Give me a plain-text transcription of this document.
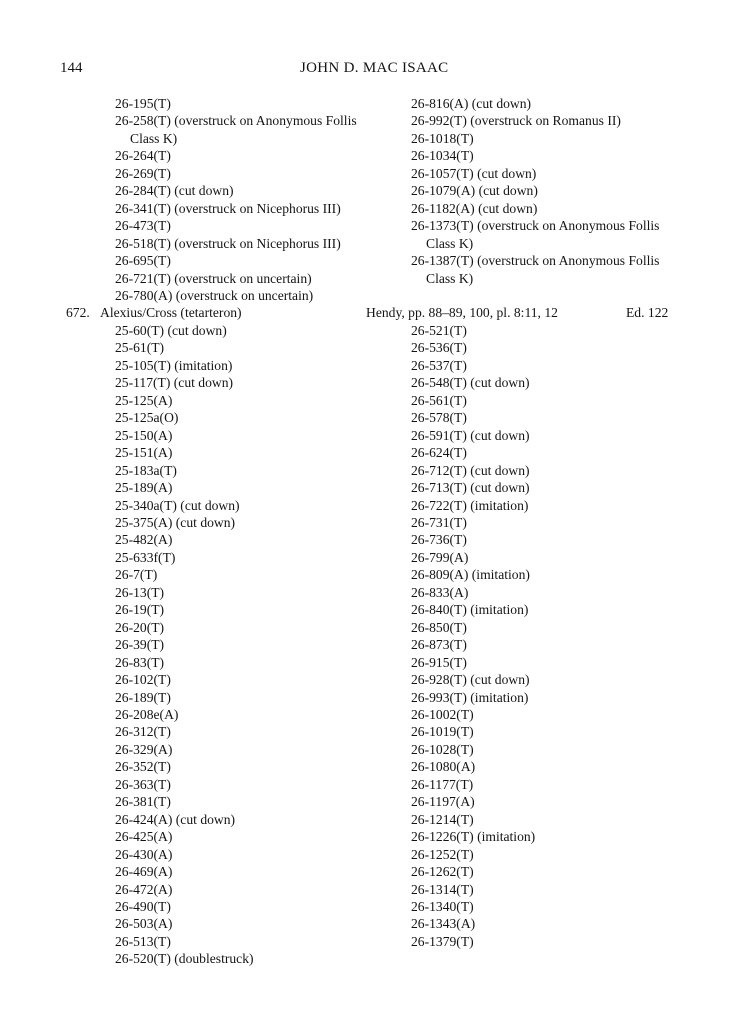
144	JOHN D. MAC ISAAC
26-195(T)
26-258(T) (overstruck on Anonymous Follis
Class K)
26-264(T)
26-269(T)
26-284(T) (cut down)
26-341(T) (overstruck on Nicephorus III)
26-473(T)
26-518(T) (overstruck on Nicephorus III)
26-695(T)
26-721(T) (overstruck on uncertain)
26-780(A) (overstruck on uncertain)
26-816(A) (cut down)
26-992(T) (overstruck on Romanus II)
26-1018(T)
26-1034(T)
26-1057(T) (cut down)
26-1079(A) (cut down)
26-1182(A) (cut down)
26-1373(T) (overstruck on Anonymous Follis
Class K)
26-1387(T) (overstruck on Anonymous Follis
Class K)
672. Alexius/Cross (tetarteron)	Hendy, pp. 88–89, 100, pl. 8:11, 12	Ed. 122
25-60(T) (cut down)
25-61(T)
25-105(T) (imitation)
25-117(T) (cut down)
25-125(A)
25-125a(O)
25-150(A)
25-151(A)
25-183a(T)
25-189(A)
25-340a(T) (cut down)
25-375(A) (cut down)
25-482(A)
25-633f(T)
26-7(T)
26-13(T)
26-19(T)
26-20(T)
26-39(T)
26-83(T)
26-102(T)
26-189(T)
26-208e(A)
26-312(T)
26-329(A)
26-352(T)
26-363(T)
26-381(T)
26-424(A) (cut down)
26-425(A)
26-430(A)
26-469(A)
26-472(A)
26-490(T)
26-503(A)
26-513(T)
26-520(T) (doublestruck)
26-521(T)
26-536(T)
26-537(T)
26-548(T) (cut down)
26-561(T)
26-578(T)
26-591(T) (cut down)
26-624(T)
26-712(T) (cut down)
26-713(T) (cut down)
26-722(T) (imitation)
26-731(T)
26-736(T)
26-799(A)
26-809(A) (imitation)
26-833(A)
26-840(T) (imitation)
26-850(T)
26-873(T)
26-915(T)
26-928(T) (cut down)
26-993(T) (imitation)
26-1002(T)
26-1019(T)
26-1028(T)
26-1080(A)
26-1177(T)
26-1197(A)
26-1214(T)
26-1226(T) (imitation)
26-1252(T)
26-1262(T)
26-1314(T)
26-1340(T)
26-1343(A)
26-1379(T)
